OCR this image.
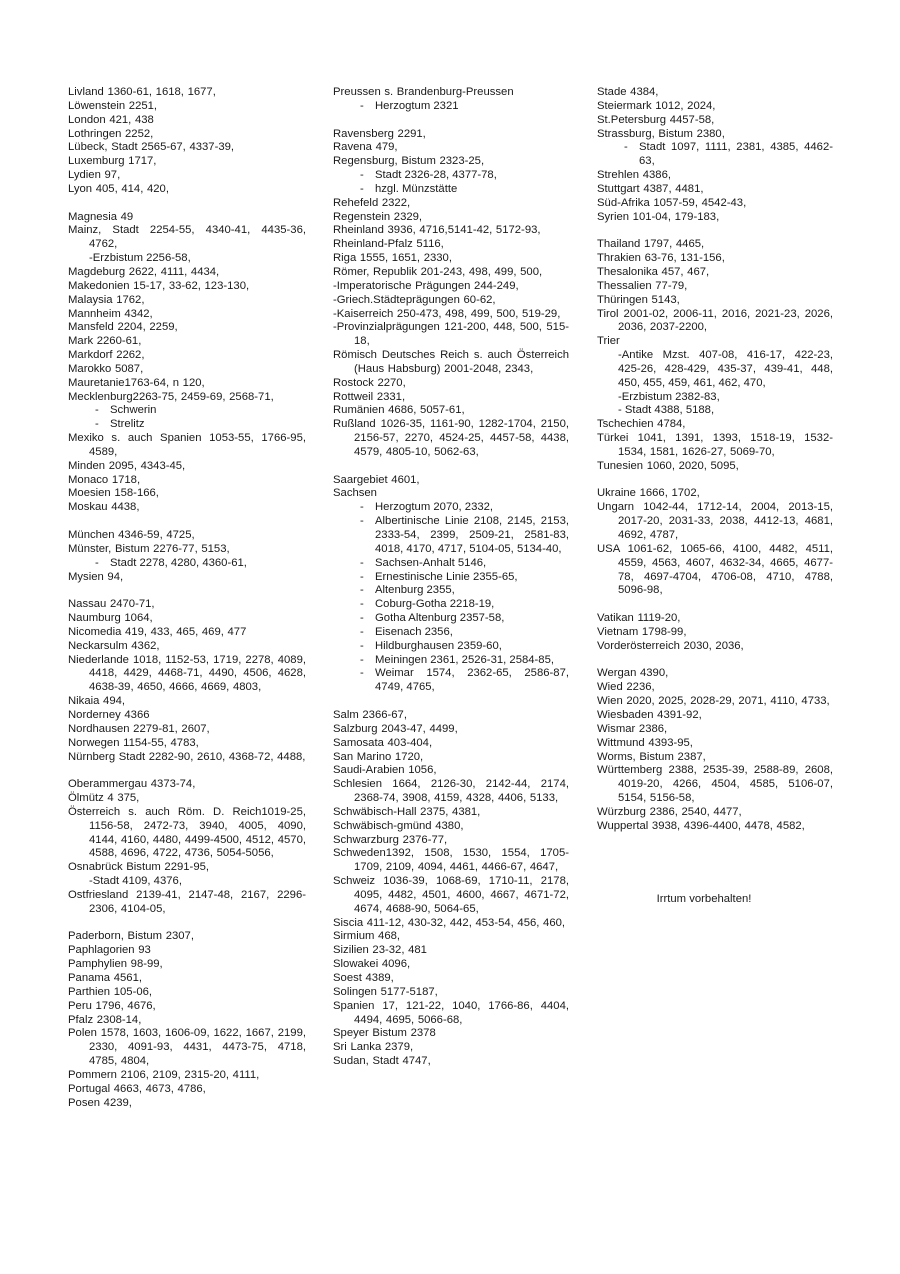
Livland 1360-61, 1618, 1677,
Löwenstein 2251,
London 421, 438
Lothringen 2252,
Lübeck, Stadt 2565-67, 4337-39,
Luxemburg 1717,
Lydien 97,
Lyon 405, 414, 420,
Magnesia 49
Mainz, Stadt 2254-55, 4340-41, 4435-36, 4762,
-Erzbistum 2256-58,
Magdeburg 2622, 4111, 4434,
Makedonien 15-17, 33-62, 123-130,
Malaysia 1762,
Mannheim 4342,
Mansfeld 2204, 2259,
Mark 2260-61,
Markdorf 2262,
Marokko 5087,
Mauretanie1763-64, n 120,
Mecklenburg2263-75, 2459-69, 2568-71,
- Schwerin
- Strelitz
Mexiko s. auch Spanien 1053-55, 1766-95, 4589,
Minden 2095, 4343-45,
Monaco 1718,
Moesien 158-166,
Moskau 4438,
München 4346-59, 4725,
Münster, Bistum 2276-77, 5153,
- Stadt 2278, 4280, 4360-61,
Mysien 94,
Nassau 2470-71,
Naumburg 1064,
Nicomedia 419, 433, 465, 469, 477
Neckarsulm 4362,
Niederlande 1018, 1152-53, 1719, 2278, 4089, 4418, 4429, 4468-71, 4490, 4506, 4628, 4638-39, 4650, 4666, 4669, 4803,
Nikaia 494,
Norderney 4366
Nordhausen 2279-81, 2607,
Norwegen 1154-55, 4783,
Nürnberg Stadt 2282-90, 2610, 4368-72, 4488,
Oberammergau 4373-74,
Ölmütz 4 375,
Österreich s. auch Röm. D. Reich1019-25, 1156-58, 2472-73, 3940, 4005, 4090, 4144, 4160, 4480, 4499-4500, 4512, 4570, 4588, 4696, 4722, 4736, 5054-5056,
Osnabrück Bistum 2291-95,
-Stadt 4109, 4376,
Ostfriesland 2139-41, 2147-48, 2167, 2296-2306, 4104-05,
Paderborn, Bistum 2307,
Paphlagorien 93
Pamphylien 98-99,
Panama 4561,
Parthien 105-06,
Peru 1796, 4676,
Pfalz 2308-14,
Polen 1578, 1603, 1606-09, 1622, 1667, 2199, 2330, 4091-93, 4431, 4473-75, 4718, 4785, 4804,
Pommern 2106, 2109, 2315-20, 4111,
Portugal 4663, 4673, 4786,
Posen 4239,
Preussen s. Brandenburg-Preussen
- Herzogtum 2321
Ravensberg 2291,
Ravena 479,
Regensburg, Bistum 2323-25,
- Stadt 2326-28, 4377-78,
- hzgl. Münzstätte
Rehefeld 2322,
Regenstein 2329,
Rheinland 3936, 4716,5141-42, 5172-93,
Rheinland-Pfalz 5116,
Riga 1555, 1651, 2330,
Römer, Republik 201-243, 498, 499, 500,
-Imperatorische Prägungen 244-249,
-Griech.Städteprägungen 60-62,
-Kaiserreich 250-473, 498, 499, 500, 519-29,
-Provinzialprägungen 121-200, 448, 500, 515-18,
Römisch Deutsches Reich s. auch Österreich (Haus Habsburg) 2001-2048, 2343,
Rostock 2270,
Rottweil 2331,
Rumänien 4686, 5057-61,
Rußland 1026-35, 1161-90, 1282-1704, 2150, 2156-57, 2270, 4524-25, 4457-58, 4438, 4579, 4805-10, 5062-63,
Saargebiet 4601,
Sachsen
- Herzogtum 2070, 2332,
- Albertinische Linie 2108, 2145, 2153, 2333-54, 2399, 2509-21, 2581-83, 4018, 4170, 4717, 5104-05, 5134-40,
- Sachsen-Anhalt 5146,
- Ernestinische Linie 2355-65,
- Altenburg 2355,
- Coburg-Gotha 2218-19,
- Gotha Altenburg 2357-58,
- Eisenach 2356,
- Hildburghausen 2359-60,
- Meiningen 2361, 2526-31, 2584-85,
- Weimar 1574, 2362-65, 2586-87, 4749, 4765,
Salm 2366-67,
Salzburg 2043-47, 4499,
Samosata 403-404,
San Marino 1720,
Saudi-Arabien 1056,
Schlesien 1664, 2126-30, 2142-44, 2174, 2368-74, 3908, 4159, 4328, 4406, 5133,
Schwäbisch-Hall 2375, 4381,
Schwäbisch-gmünd 4380,
Schwarzburg 2376-77,
Schweden1392, 1508, 1530, 1554, 1705-1709, 2109, 4094, 4461, 4466-67, 4647,
Schweiz 1036-39, 1068-69, 1710-11, 2178, 4095, 4482, 4501, 4600, 4667, 4671-72, 4674, 4688-90, 5064-65,
Siscia 411-12, 430-32, 442, 453-54, 456, 460,
Sirmium 468,
Sizilien 23-32, 481
Slowakei 4096,
Soest 4389,
Solingen 5177-5187,
Spanien 17, 121-22, 1040, 1766-86, 4404, 4494, 4695, 5066-68,
Speyer Bistum 2378
Sri Lanka 2379,
Sudan, Stadt 4747,
Stade 4384,
Steiermark 1012, 2024,
St.Petersburg 4457-58,
Strassburg, Bistum 2380,
- Stadt 1097, 1111, 2381, 4385, 4462-63,
Strehlen 4386,
Stuttgart 4387, 4481,
Süd-Afrika 1057-59, 4542-43,
Syrien 101-04, 179-183,
Thailand 1797, 4465,
Thrakien 63-76, 131-156,
Thesalonika 457, 467,
Thessalien 77-79,
Thüringen 5143,
Tirol 2001-02, 2006-11, 2016, 2021-23, 2026, 2036, 2037-2200,
Trier
-Antike Mzst. 407-08, 416-17, 422-23, 425-26, 428-429, 435-37, 439-41, 448, 450, 455, 459, 461, 462, 470,
-Erzbistum 2382-83,
- Stadt 4388, 5188,
Tschechien 4784,
Türkei 1041, 1391, 1393, 1518-19, 1532-1534, 1581, 1626-27, 5069-70,
Tunesien 1060, 2020, 5095,
Ukraine 1666, 1702,
Ungarn 1042-44, 1712-14, 2004, 2013-15, 2017-20, 2031-33, 2038, 4412-13, 4681, 4692, 4787,
USA 1061-62, 1065-66, 4100, 4482, 4511, 4559, 4563, 4607, 4632-34, 4665, 4677-78, 4697-4704, 4706-08, 4710, 4788, 5096-98,
Vatikan 1119-20,
Vietnam 1798-99,
Vorderösterreich 2030, 2036,
Wergan 4390,
Wied 2236,
Wien 2020, 2025, 2028-29, 2071, 4110, 4733,
Wiesbaden 4391-92,
Wismar 2386,
Wittmund 4393-95,
Worms, Bistum 2387,
Württemberg 2388, 2535-39, 2588-89, 2608, 4019-20, 4266, 4504, 4585, 5106-07, 5154, 5156-58,
Würzburg 2386, 2540, 4477,
Wuppertal 3938, 4396-4400, 4478, 4582,
Irrtum vorbehalten!
